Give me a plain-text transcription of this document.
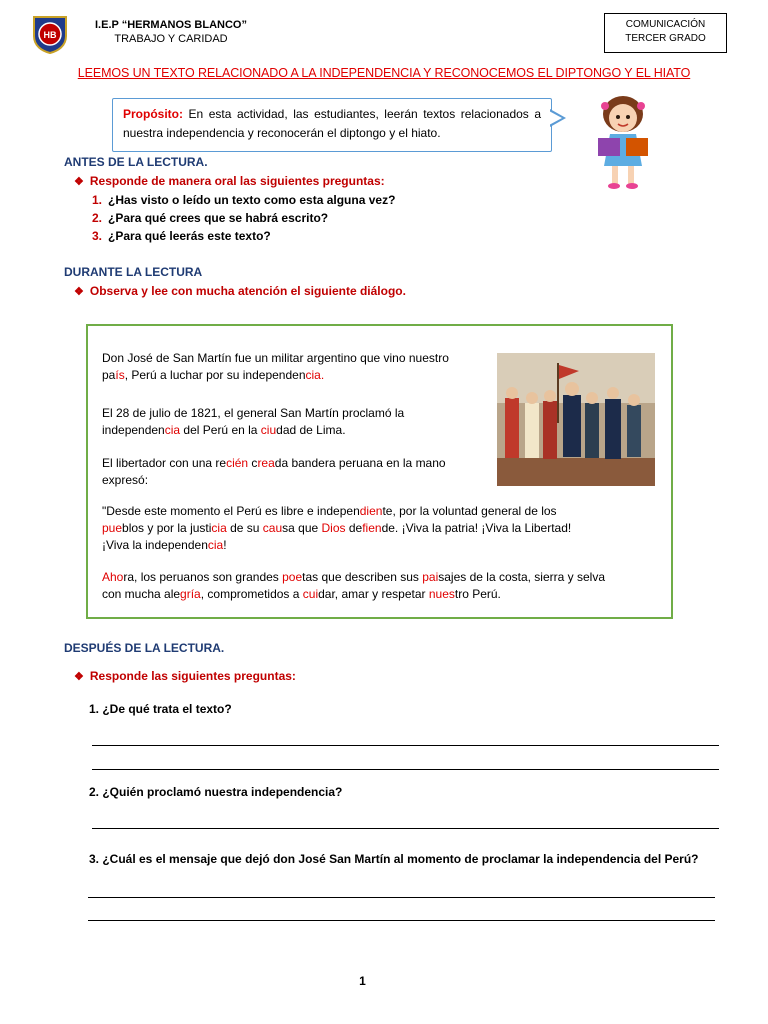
HB
I.E.P “HERMANOS BLANCO”
TRABAJO Y CARIDAD
COMUNICACIÓN
TERCER GRADO
LEEMOS UN TEXTO RELACIONADO A LA INDEPENDENCIA Y RECONOCEMOS EL DIPTONGO Y EL HIATO
Propósito: En esta actividad, las estudiantes, leerán textos relacionados a nuestra independencia y reconocerán el diptongo y el hiato.
ANTES DE LA LECTURA.
❖ Responde de manera oral las siguientes preguntas:
1. ¿Has visto o leído un texto como esta alguna vez?
2. ¿Para qué crees que se habrá escrito?
3. ¿Para qué leerás este texto?
DURANTE LA LECTURA
❖ Observa y lee con mucha atención el siguiente diálogo.
Don José de San Martín fue un militar argentino que vino nuestro
país, Perú a luchar por su independencia.
El 28 de julio de 1821, el general San Martín proclamó la
independencia del Perú en la ciudad de Lima.
El libertador con una recién creada bandera peruana en la mano
expresó:
"Desde este momento el Perú es libre e independiente, por la voluntad general de los
pueblos y por la justicia de su causa que Dios defiende. ¡Viva la patria! ¡Viva la Libertad!
¡Viva la independencia!
Ahora, los peruanos son grandes poetas que describen sus paisajes de la costa, sierra y selva
con mucha alegría, comprometidos a cuidar, amar y respetar nuestro Perú.
DESPUÉS DE LA LECTURA.
❖ Responde las siguientes preguntas:
1. ¿De qué trata el texto?
2. ¿Quién proclamó nuestra independencia?
3. ¿Cuál es el mensaje que dejó don José San Martín al momento de proclamar la independencia del Perú?
1
